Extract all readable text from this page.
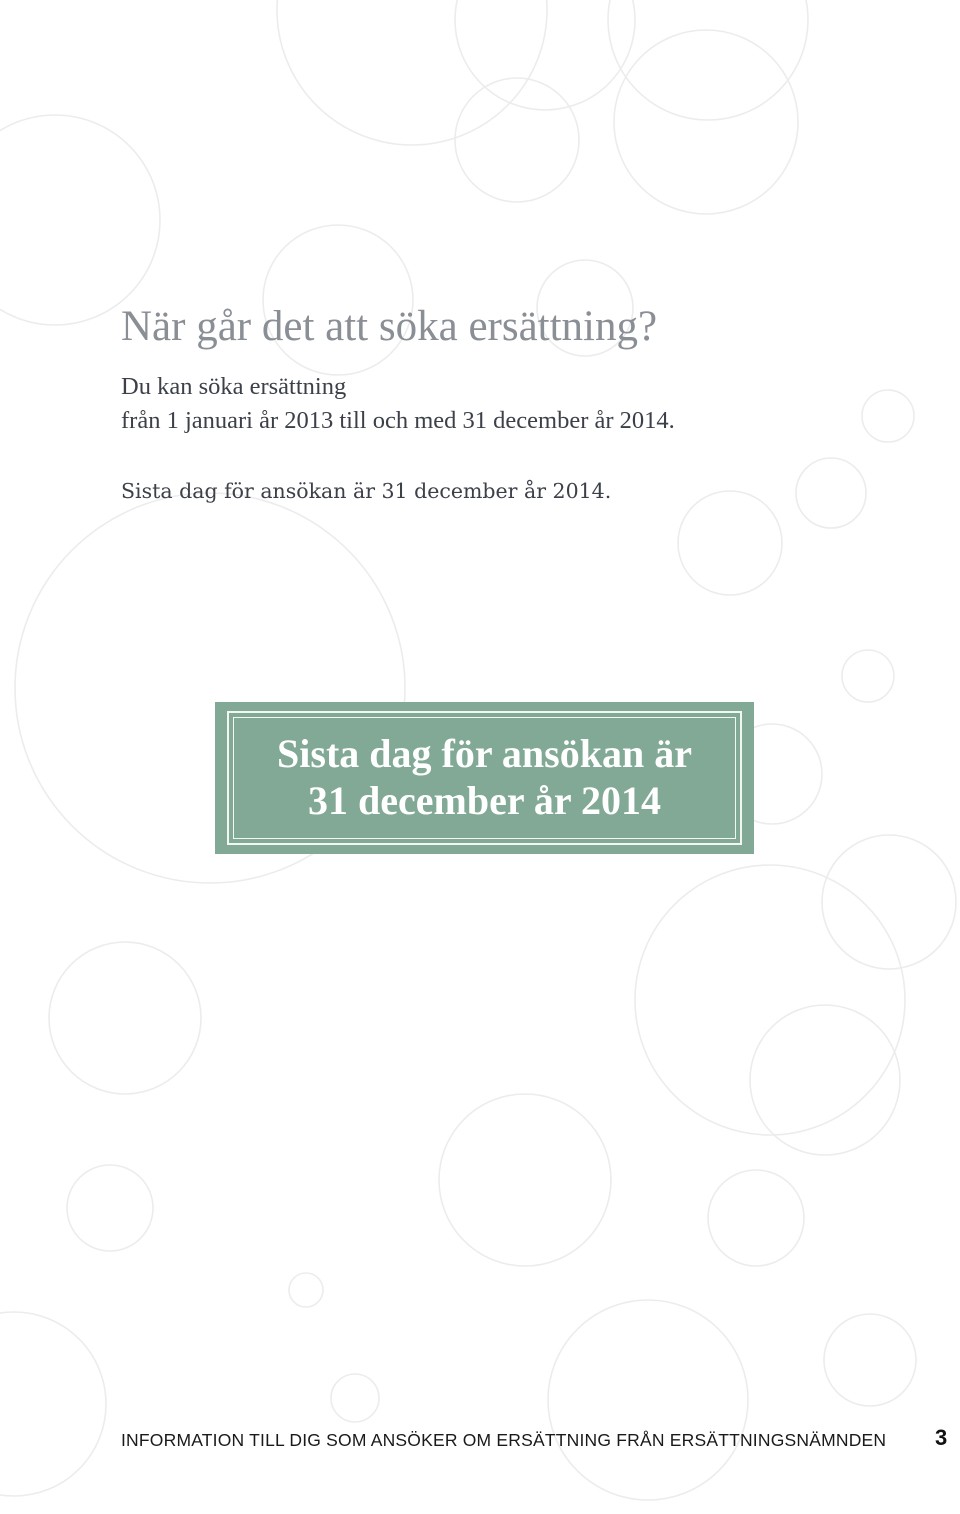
När går det att söka ersättning?
Du kan söka ersättning
från 1 januari år 2013 till och med 31 december år 2014.
Sista dag för ansökan är 31 december år 2014.
Sista dag för ansökan är
31 december år 2014
INFORMATION TILL DIG SOM ANSÖKER OM ERSÄTTNING FRÅN ERSÄTTNINGSNÄMNDEN 3
